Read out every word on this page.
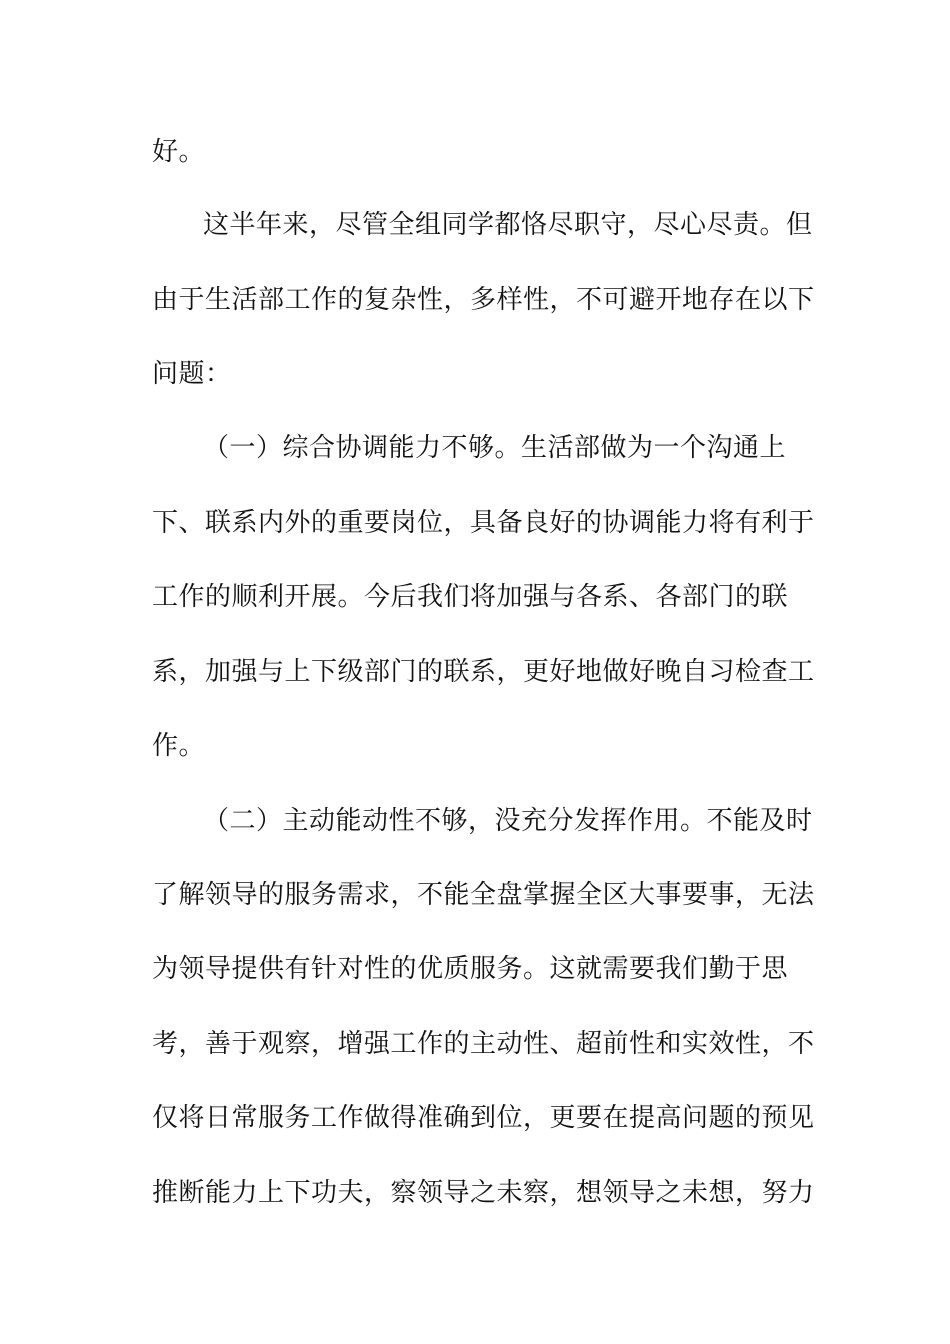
好。
这半年来，尽管全组同学都恪尽职守，尽心尽责。但
由于生活部工作的复杂性，多样性，不可避开地存在以下
问题：
（一）综合协调能力不够。生活部做为一个沟通上
下、联系内外的重要岗位，具备良好的协调能力将有利于
工作的顺利开展。今后我们将加强与各系、各部门的联
系，加强与上下级部门的联系，更好地做好晚自习检查工
作。
（二）主动能动性不够，没充分发挥作用。不能及时
了解领导的服务需求，不能全盘掌握全区大事要事，无法
为领导提供有针对性的优质服务。这就需要我们勤于思
考，善于观察，增强工作的主动性、超前性和实效性，不
仅将日常服务工作做得准确到位，更要在提高问题的预见
推断能力上下功夫，察领导之未察，想领导之未想，努力
